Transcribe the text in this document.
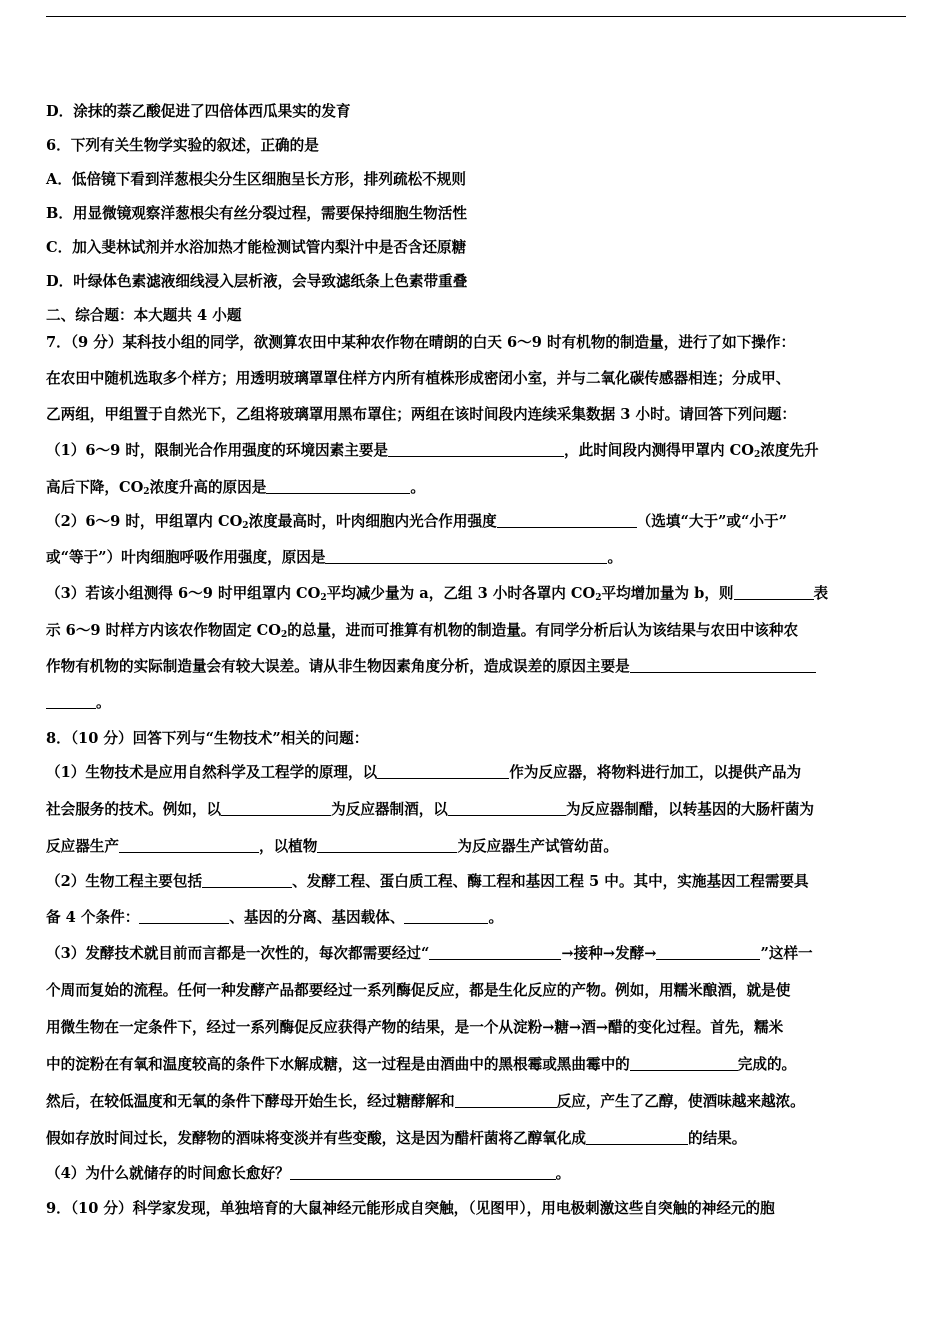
D．涂抹的萘乙酸促进了四倍体西瓜果实的发育
6．下列有关生物学实验的叙述，正确的是
A．低倍镜下看到洋葱根尖分生区细胞呈长方形，排列疏松不规则
B．用显微镜观察洋葱根尖有丝分裂过程，需要保持细胞生物活性
C．加入斐林试剂并水浴加热才能检测试管内梨汁中是否含还原糖
D．叶绿体色素滤液细线浸入层析液，会导致滤纸条上色素带重叠
二、综合题：本大题共 4 小题
7．（9 分）某科技小组的同学，欲测算农田中某种农作物在晴朗的白天 6～9 时有机物的制造量，进行了如下操作：
在农田中随机选取多个样方；用透明玻璃罩罩住样方内所有植株形成密闭小室，并与二氧化碳传感器相连；分成甲、
乙两组，甲组置于自然光下，乙组将玻璃罩用黑布罩住；两组在该时间段内连续采集数据 3 小时。请回答下列问题：
（1）6～9 时，限制光合作用强度的环境因素主要是	，此时间段内测得甲罩内 $CO_2$浓度先升
高后下降，$CO_2$浓度升高的原因是	。
（2）6～9 时，甲组罩内 $CO_2$浓度最高时，叶肉细胞内光合作用强度	（选填“大于”或“小于”
或“等于”）叶肉细胞呼吸作用强度，原因是	。
（3）若该小组测得 6～9 时甲组罩内 $CO_2$平均减少量为 a，乙组 3 小时各罩内 $CO_2$平均增加量为 b，则	表
示 6～9 时样方内该农作物固定 $CO_2$的总量，进而可推算有机物的制造量。有同学分析后认为该结果与农田中该种农
作物有机物的实际制造量会有较大误差。请从非生物因素角度分析，造成误差的原因主要是
。
8．（10 分）回答下列与“生物技术”相关的问题：
（1）生物技术是应用自然科学及工程学的原理，以	作为反应器，将物料进行加工，以提供产品为
社会服务的技术。例如，以	为反应器制酒，以	为反应器制醋，以转基因的大肠杆菌为
反应器生产	，以植物	为反应器生产试管幼苗。
（2）生物工程主要包括	、发酵工程、蛋白质工程、酶工程和基因工程 5 中。其中，实施基因工程需要具
备 4 个条件：	、基因的分离、基因载体、	。
（3）发酵技术就目前而言都是一次性的，每次都需要经过“	→接种→发酵→	”这样一
个周而复始的流程。任何一种发酵产品都要经过一系列酶促反应，都是生化反应的产物。例如，用糯米酿酒，就是使
用微生物在一定条件下，经过一系列酶促反应获得产物的结果，是一个从淀粉→糖→酒→醋的变化过程。首先，糯米
中的淀粉在有氧和温度较高的条件下水解成糖，这一过程是由酒曲中的黑根霉或黑曲霉中的	完成的。
然后，在较低温度和无氧的条件下酵母开始生长，经过糖酵解和	反应，产生了乙醇，使酒味越来越浓。
假如存放时间过长，发酵物的酒味将变淡并有些变酸，这是因为醋杆菌将乙醇氧化成	的结果。
（4）为什么就储存的时间愈长愈好？	。
9．（10 分）科学家发现，单独培育的大鼠神经元能形成自突触，（见图甲），用电极刺激这些自突触的神经元的胞
